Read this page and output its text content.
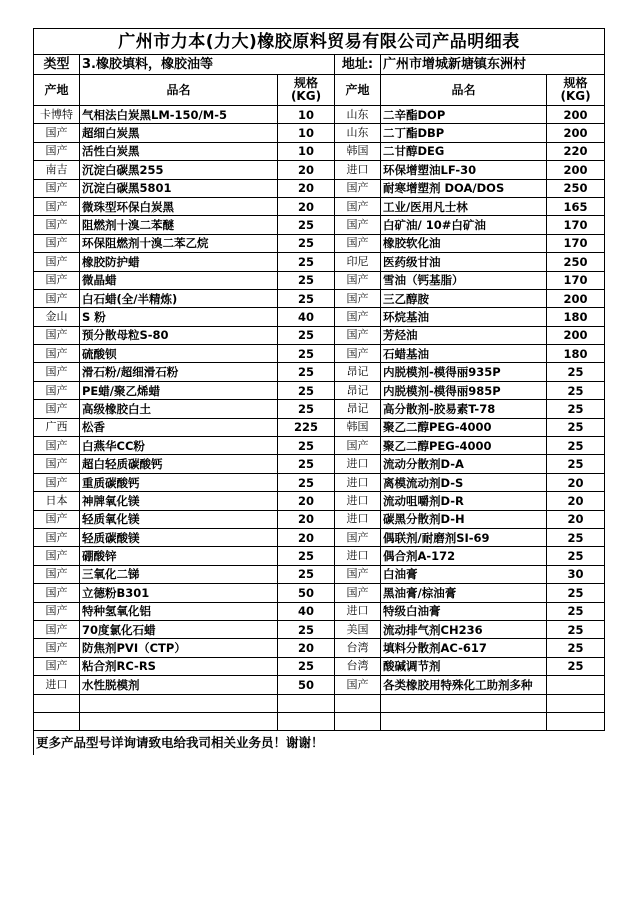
广州市力本(力大)橡胶原料贸易有限公司产品明细表					
类型	3.橡胶填料，橡胶油等		地址:	广州市增城新塘镇东洲村	
产地	品名	规格(KG)	产地	品名	规格(KG)
卡博特	气相法白炭黑LM-150/M-5	10	山东	二辛酯DOP	200
国产	超细白炭黑	10	山东	二丁酯DBP	200
国产	活性白炭黑	10	韩国	二甘醇DEG	220
南吉	沉淀白碳黑255	20	进口	环保增塑油LF-30	200
国产	沉淀白碳黑5801	20	国产	耐寒增塑剂 DOA/DOS	250
国产	微珠型环保白炭黑	20	国产	工业/医用凡士林	165
国产	阻燃剂十溴二苯醚	25	国产	白矿油/ 10#白矿油	170
国产	环保阻燃剂十溴二苯乙烷	25	国产	橡胶软化油	170
国产	橡胶防护蜡	25	印尼	医药级甘油	250
国产	微晶蜡	25	国产	雪油（钙基脂）	170
国产	白石蜡(全/半精炼)	25	国产	三乙醇胺	200
金山	S 粉	40	国产	环烷基油	180
国产	预分散母粒S-80	25	国产	芳烃油	200
国产	硫酸钡	25	国产	石蜡基油	180
国产	滑石粉/超细滑石粉	25	昂记	内脱模剂-模得丽935P	25
国产	PE蜡/聚乙烯蜡	25	昂记	内脱模剂-模得丽985P	25
国产	高级橡胶白土	25	昂记	高分散剂-胶易素T-78	25
广西	松香	225	韩国	聚乙二醇PEG-4000	25
国产	白燕华CC粉	25	国产	聚乙二醇PEG-4000	25
国产	超白轻质碳酸钙	25	进口	流动分散剂D-A	25
国产	重质碳酸钙	25	进口	离模流动剂D-S	20
日本	神牌氧化镁	20	进口	流动咀嚼剂D-R	20
国产	轻质氧化镁	20	进口	碳黑分散剂D-H	20
国产	轻质碳酸镁	20	国产	偶联剂/耐磨剂SI-69	25
国产	硼酸锌	25	进口	偶合剂A-172	25
国产	三氧化二锑	25	国产	白油膏	30
国产	立德粉B301	50	国产	黑油膏/棕油膏	25
国产	特种氢氧化铝	40	进口	特级白油膏	25
国产	70度氯化石蜡	25	美国	流动排气剂CH236	25
国产	防焦剂PVI（CTP）	20	台湾	填料分散剂AC-617	25
国产	粘合剂RC-RS	25	台湾	酸碱调节剂	25
进口	水性脱模剂	50	国产	各类橡胶用特殊化工助剂多种	

更多产品型号详询请致电给我司相关业务员！谢谢！					
